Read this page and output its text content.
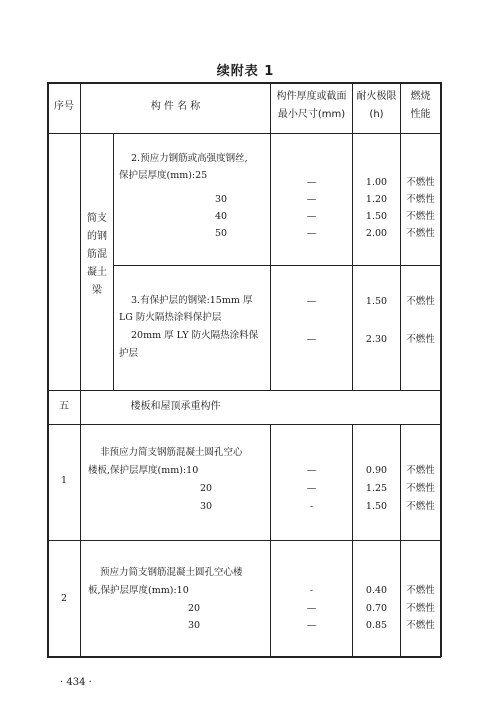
续附表 1
序号	构 件 名 称
构件厚度或截面
最小尺寸(mm)
耐火极限
(h)
燃烧
性能
简支的钢筋混凝土梁
2.预应力钢筋或高强度钢丝,
保护层厚度(mm):25
30
40
50
—
—
—
—
1.00
1.20
1.50
2.00
不燃性
不燃性
不燃性
不燃性
3.有保护层的钢梁:15mm 厚
LG 防火隔热涂料保护层
20mm 厚 LY 防火隔热涂料保
护层
—
—
1.50
2.30
不燃性
不燃性
五	楼板和屋顶承重构件
1
非预应力简支钢筋混凝土圆孔空心
楼板,保护层厚度(mm):10
20
30
—
—
-
0.90
1.25
1.50
不燃性
不燃性
不燃性
2
预应力简支钢筋混凝土圆孔空心楼
板,保护层厚度(mm):10
20
30
-
—
—
0.40
0.70
0.85
不燃性
不燃性
不燃性
· 434 ·
